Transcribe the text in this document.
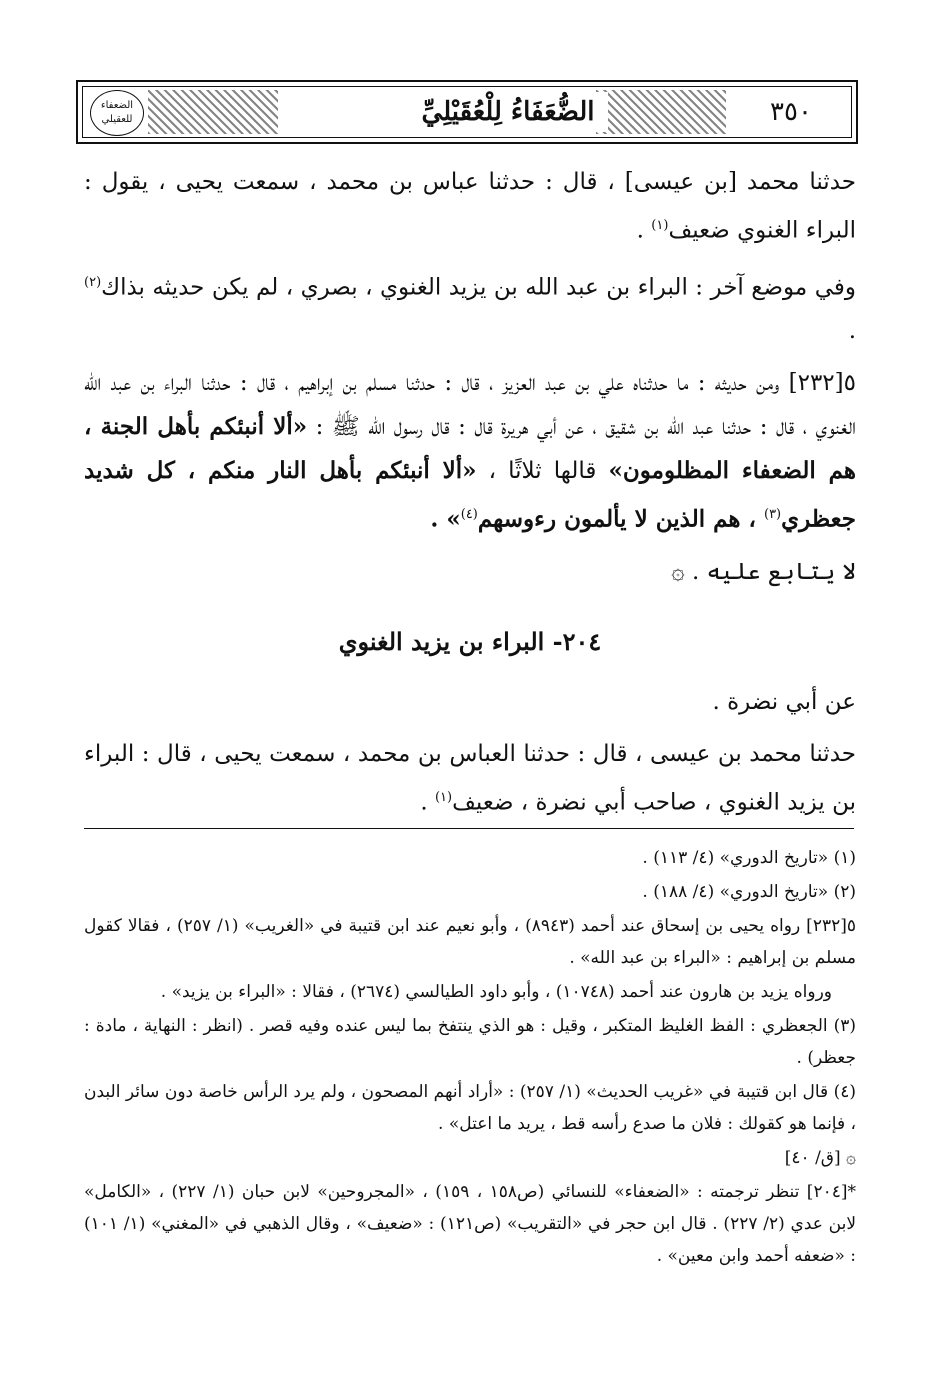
الضعفاء للعقيلي	الضُّعَفَاءُ لِلْعُقَيْلِيِّ	٣٥٠

حدثنا محمد [بن عيسى] ، قال : حدثنا عباس بن محمد ، سمعت يحيى ، يقول : البراء الغنوي ضعيف$^{(١)}$ .

وفي موضع آخر : البراء بن عبد الله بن يزيد الغنوي ، بصري ، لم يكن حديثه بذاك$^{(٢)}$ .

٥[٢٣٢] ومن حديثه : ما حدثناه علي بن عبد العزيز ، قال : حدثنا مسلم بن إبراهيم ، قال : حدثنا البراء بن عبد الله الغنوي ، قال : حدثنا عبد الله بن شقيق ، عن أبي هريرة قال : قال رسول الله ﷺ : «ألا أنبئكم بأهل الجنة ، هم الضعفاء المظلومون» قالها ثلاثًا ، «ألا أنبئكم بأهل النار منكم ، كل شديد جعظري$^{(٣)}$ ، هم الذين لا يألمون رءوسهم$^{(٤)}$» .

لا يتابع عليه . ۞

٢٠٤- البراء بن يزيد الغنوي

عن أبي نضرة .

حدثنا محمد بن عيسى ، قال : حدثنا العباس بن محمد ، سمعت يحيى ، قال : البراء بن يزيد الغنوي ، صاحب أبي نضرة ، ضعيف$^{(١)}$ .

(١) «تاريخ الدوري» (٤/ ١١٣) .
(٢) «تاريخ الدوري» (٤/ ١٨٨) .
٥[٢٣٢] رواه يحيى بن إسحاق عند أحمد (٨٩٤٣) ، وأبو نعيم عند ابن قتيبة في «الغريب» (١/ ٢٥٧) ، فقالا كقول مسلم بن إبراهيم : «البراء بن عبد الله» .
ورواه يزيد بن هارون عند أحمد (١٠٧٤٨) ، وأبو داود الطيالسي (٢٦٧٤) ، فقالا : «البراء بن يزيد» .
(٣) الجعظري : الفظ الغليظ المتكبر ، وقيل : هو الذي ينتفخ بما ليس عنده وفيه قصر . (انظر : النهاية ، مادة : جعظر) .
(٤) قال ابن قتيبة في «غريب الحديث» (١/ ٢٥٧) : «أراد أنهم المصحون ، ولم يرد الرأس خاصة دون سائر البدن ، فإنما هو كقولك : فلان ما صدع رأسه قط ، يريد ما اعتل» .
۞ [ق/ ٤٠]
*[٢٠٤] تنظر ترجمته : «الضعفاء» للنسائي (ص١٥٨ ، ١٥٩) ، «المجروحين» لابن حبان (١/ ٢٢٧) ، «الكامل» لابن عدي (٢/ ٢٢٧) . قال ابن حجر في «التقريب» (ص١٢١) : «ضعيف» ، وقال الذهبي في «المغني» (١/ ١٠١) : «ضعفه أحمد وابن معين» .
